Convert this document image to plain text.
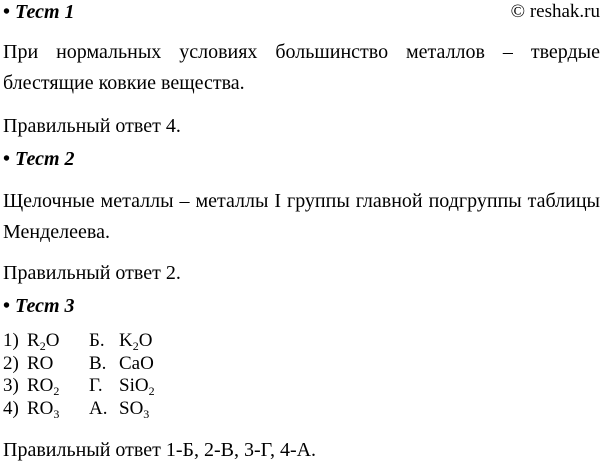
• Тест 1	© reshak.ru
При нормальных условиях большинство металлов – твердые блестящие ковкие вещества.
Правильный ответ 4.
• Тест 2
Щелочные металлы – металлы I группы главной подгруппы таблицы Менделеева.
Правильный ответ 2.
• Тест 3
1) $R_2O$ Б. $K_2O$
2) RO В. CaO
3) $RO_2$ Г. SiO$_2$
4) $RO_3$ А. $SO_3$
Правильный ответ 1-Б, 2-В, 3-Г, 4-А.
